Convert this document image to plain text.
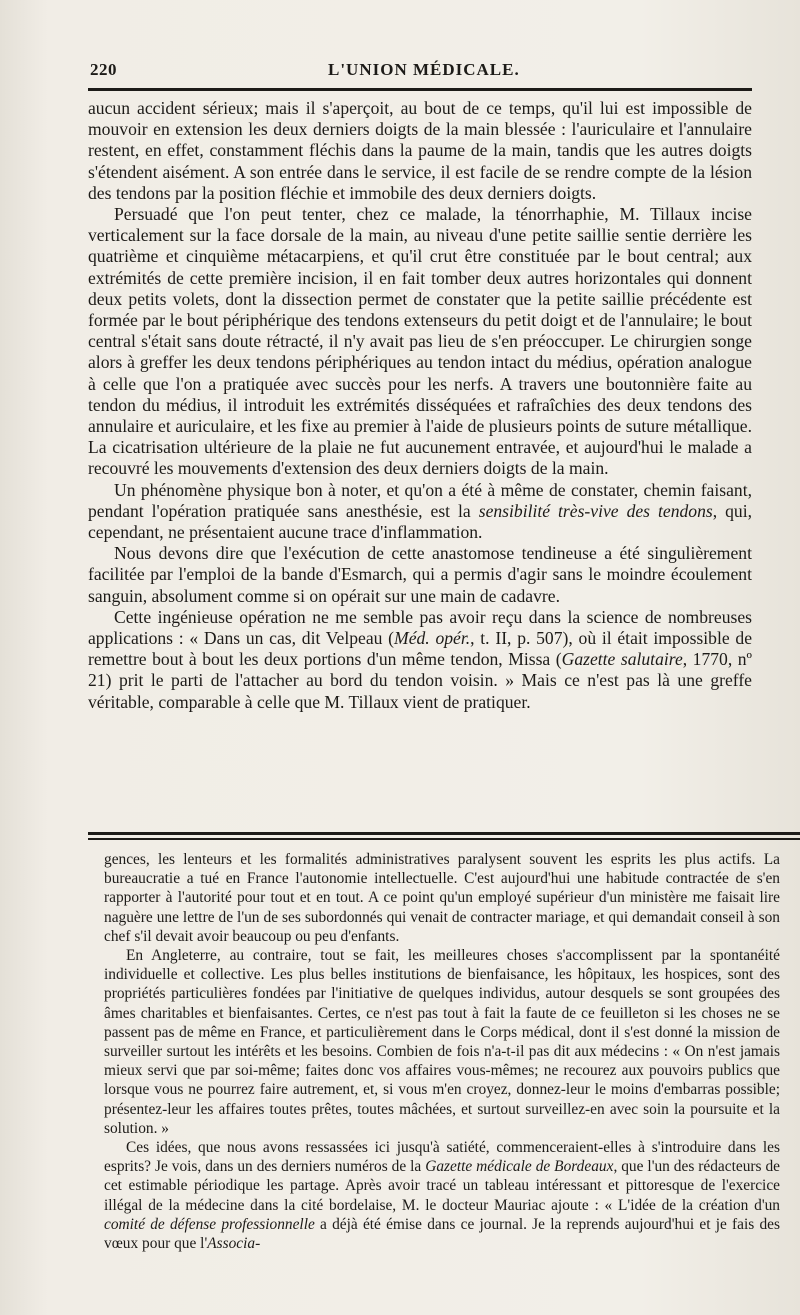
220	L'UNION MÉDICALE.

aucun accident sérieux; mais il s'aperçoit, au bout de ce temps, qu'il lui est impossible de mouvoir en extension les deux derniers doigts de la main blessée : l'auriculaire et l'annulaire restent, en effet, constamment fléchis dans la paume de la main, tandis que les autres doigts s'étendent aisément. A son entrée dans le service, il est facile de se rendre compte de la lésion des tendons par la position fléchie et immobile des deux derniers doigts.

Persuadé que l'on peut tenter, chez ce malade, la ténorrhaphie, M. Tillaux incise verticalement sur la face dorsale de la main, au niveau d'une petite saillie sentie derrière les quatrième et cinquième métacarpiens, et qu'il crut être constituée par le bout central; aux extrémités de cette première incision, il en fait tomber deux autres horizontales qui donnent deux petits volets, dont la dissection permet de constater que la petite saillie précédente est formée par le bout périphérique des tendons extenseurs du petit doigt et de l'annulaire; le bout central s'était sans doute rétracté, il n'y avait pas lieu de s'en préoccuper. Le chirurgien songe alors à greffer les deux tendons périphériques au tendon intact du médius, opération analogue à celle que l'on a pratiquée avec succès pour les nerfs. A travers une boutonnière faite au tendon du médius, il introduit les extrémités disséquées et rafraîchies des deux tendons des annulaire et auriculaire, et les fixe au premier à l'aide de plusieurs points de suture métallique. La cicatrisation ultérieure de la plaie ne fut aucunement entravée, et aujourd'hui le malade a recouvré les mouvements d'extension des deux derniers doigts de la main.

Un phénomène physique bon à noter, et qu'on a été à même de constater, chemin faisant, pendant l'opération pratiquée sans anesthésie, est la sensibilité très-vive des tendons, qui, cependant, ne présentaient aucune trace d'inflammation.

Nous devons dire que l'exécution de cette anastomose tendineuse a été singulièrement facilitée par l'emploi de la bande d'Esmarch, qui a permis d'agir sans le moindre écoulement sanguin, absolument comme si on opérait sur une main de cadavre.

Cette ingénieuse opération ne me semble pas avoir reçu dans la science de nombreuses applications : « Dans un cas, dit Velpeau (Méd. opér., t. II, p. 507), où il était impossible de remettre bout à bout les deux portions d'un même tendon, Missa (Gazette salutaire, 1770, nº 21) prit le parti de l'attacher au bord du tendon voisin. » Mais ce n'est pas là une greffe véritable, comparable à celle que M. Tillaux vient de pratiquer.

gences, les lenteurs et les formalités administratives paralysent souvent les esprits les plus actifs. La bureaucratie a tué en France l'autonomie intellectuelle. C'est aujourd'hui une habitude contractée de s'en rapporter à l'autorité pour tout et en tout. A ce point qu'un employé supérieur d'un ministère me faisait lire naguère une lettre de l'un de ses subordonnés qui venait de contracter mariage, et qui demandait conseil à son chef s'il devait avoir beaucoup ou peu d'enfants.

En Angleterre, au contraire, tout se fait, les meilleures choses s'accomplissent par la spontanéité individuelle et collective. Les plus belles institutions de bienfaisance, les hôpitaux, les hospices, sont des propriétés particulières fondées par l'initiative de quelques individus, autour desquels se sont groupées des âmes charitables et bienfaisantes. Certes, ce n'est pas tout à fait la faute de ce feuilleton si les choses ne se passent pas de même en France, et particulièrement dans le Corps médical, dont il s'est donné la mission de surveiller surtout les intérêts et les besoins. Combien de fois n'a-t-il pas dit aux médecins : « On n'est jamais mieux servi que par soi-même; faites donc vos affaires vous-mêmes; ne recourez aux pouvoirs publics que lorsque vous ne pourrez faire autrement, et, si vous m'en croyez, donnez-leur le moins d'embarras possible; présentez-leur les affaires toutes prêtes, toutes mâchées, et surtout surveillez-en avec soin la poursuite et la solution. »

Ces idées, que nous avons ressassées ici jusqu'à satiété, commenceraient-elles à s'introduire dans les esprits? Je vois, dans un des derniers numéros de la Gazette médicale de Bordeaux, que l'un des rédacteurs de cet estimable périodique les partage. Après avoir tracé un tableau intéressant et pittoresque de l'exercice illégal de la médecine dans la cité bordelaise, M. le docteur Mauriac ajoute : « L'idée de la création d'un comité de défense professionnelle a déjà été émise dans ce journal. Je la reprends aujourd'hui et je fais des vœux pour que l'Associa-
